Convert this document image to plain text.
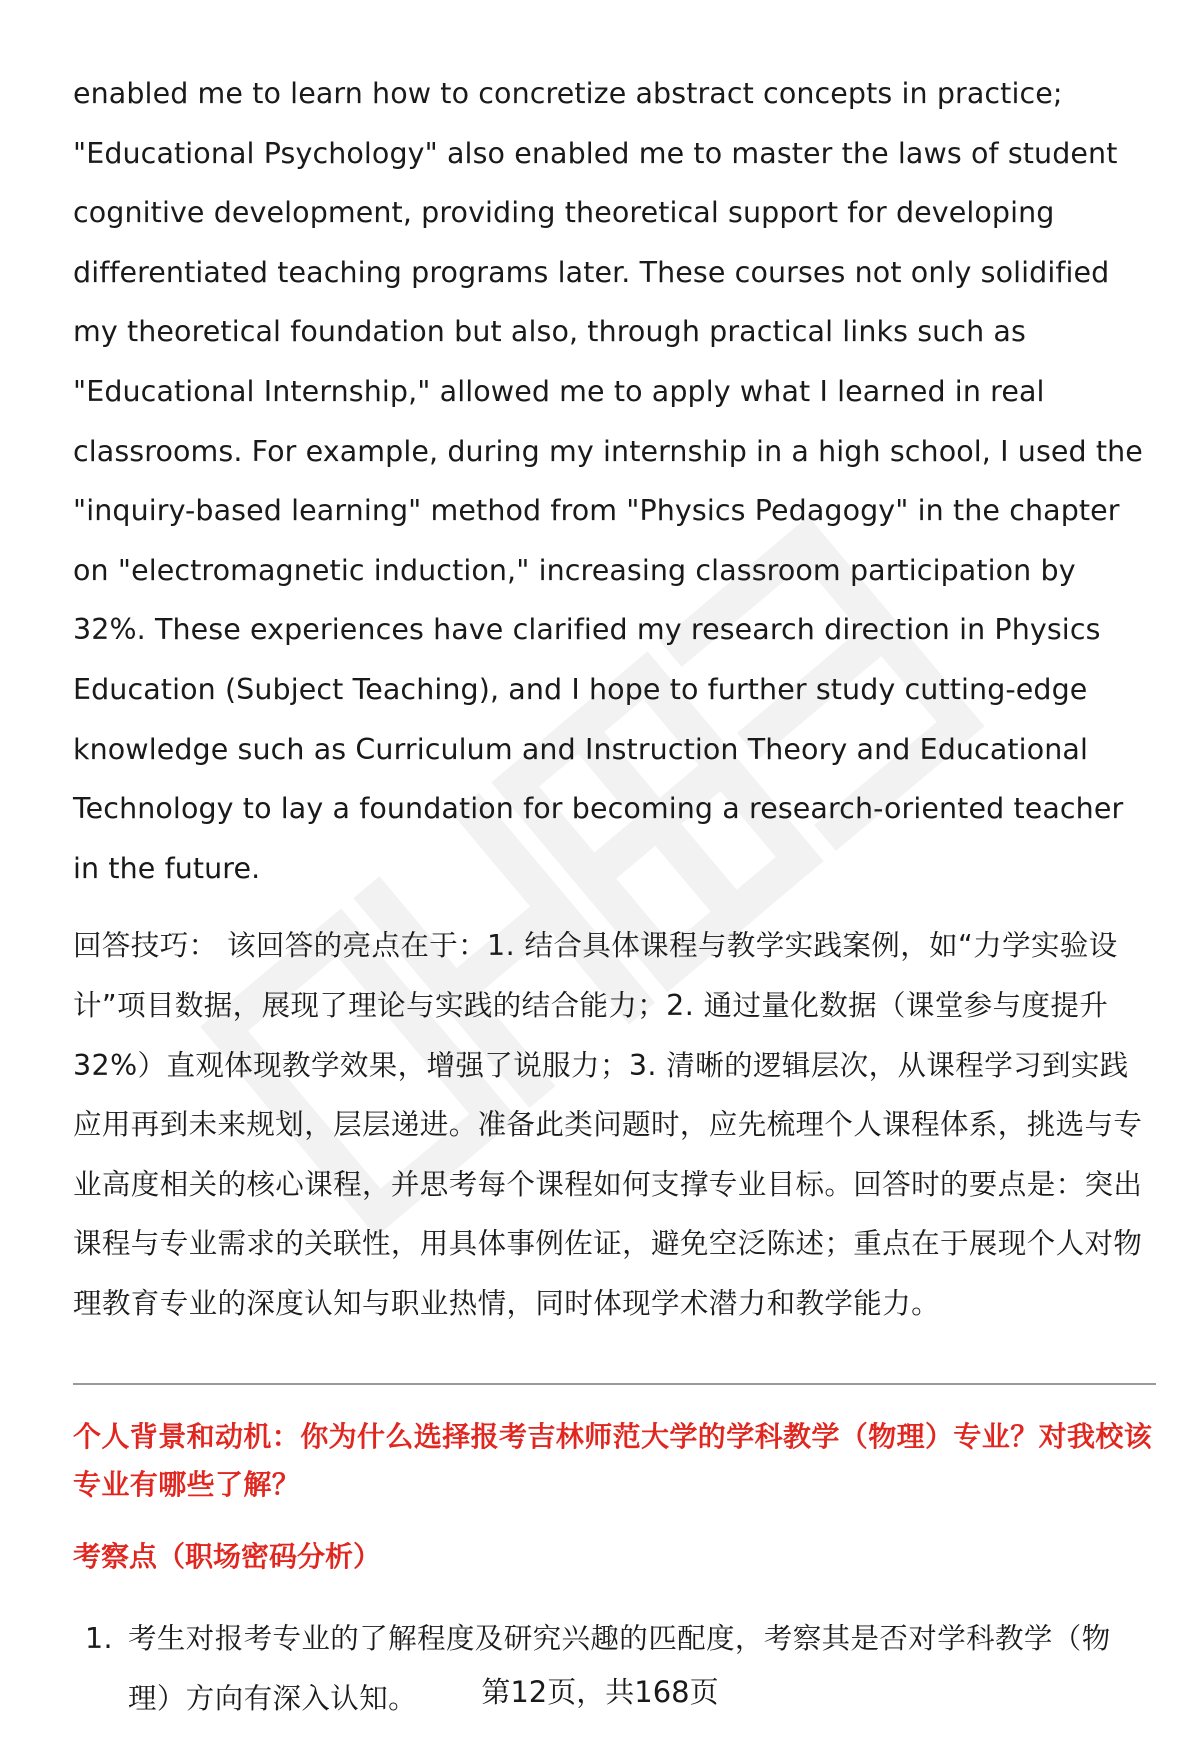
enabled me to learn how to concretize abstract concepts in practice; "Educational Psychology" also enabled me to master the laws of student cognitive development, providing theoretical support for developing differentiated teaching programs later. These courses not only solidified my theoretical foundation but also, through practical links such as "Educational Internship," allowed me to apply what I learned in real classrooms. For example, during my internship in a high school, I used the "inquiry-based learning" method from "Physics Pedagogy" in the chapter on "electromagnetic induction," increasing classroom participation by 32%. These experiences have clarified my research direction in Physics Education (Subject Teaching), and I hope to further study cutting-edge knowledge such as Curriculum and Instruction Theory and Educational Technology to lay a foundation for becoming a research-oriented teacher in the future.

回答技巧： 该回答的亮点在于：1. 结合具体课程与教学实践案例，如“力学实验设计”项目数据，展现了理论与实践的结合能力；2. 通过量化数据（课堂参与度提升32%）直观体现教学效果，增强了说服力；3. 清晰的逻辑层次，从课程学习到实践应用再到未来规划，层层递进。准备此类问题时，应先梳理个人课程体系，挑选与专业高度相关的核心课程，并思考每个课程如何支撑专业目标。回答时的要点是：突出课程与专业需求的关联性，用具体事例佐证，避免空泛陈述；重点在于展现个人对物理教育专业的深度认知与职业热情，同时体现学术潜力和教学能力。

个人背景和动机：你为什么选择报考吉林师范大学的学科教学（物理）专业？对我校该专业有哪些了解？

考察点（职场密码分析）

1. 考生对报考专业的了解程度及研究兴趣的匹配度，考察其是否对学科教学（物理）方向有深入认知。	第12页，共168页
